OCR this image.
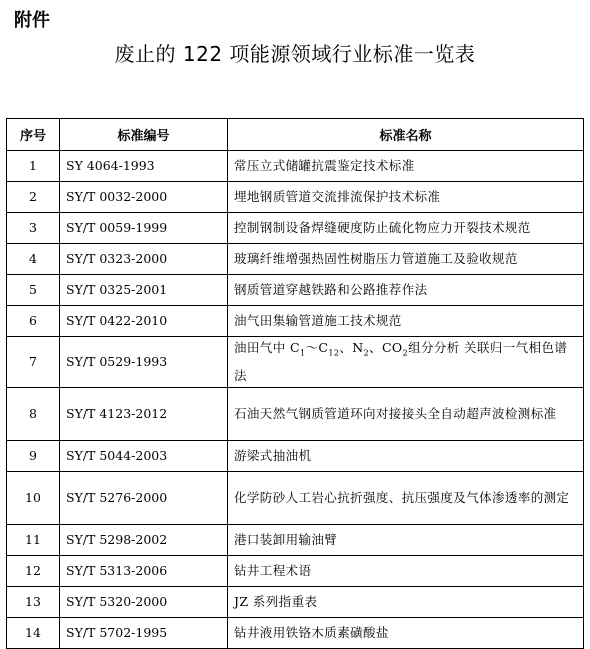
附件
废止的 122 项能源领域行业标准一览表
序号	标准编号	标准名称
1	SY 4064-1993	常压立式储罐抗震鉴定技术标准
2	SY/T 0032-2000	埋地钢质管道交流排流保护技术标准
3	SY/T 0059-1999	控制钢制设备焊缝硬度防止硫化物应力开裂技术规范
4	SY/T 0323-2000	玻璃纤维增强热固性树脂压力管道施工及验收规范
5	SY/T 0325-2001	钢质管道穿越铁路和公路推荐作法
6	SY/T 0422-2010	油气田集输管道施工技术规范
7	SY/T 0529-1993	油田气中 $C_1\sim C_{12}$、$N_2$、$CO_2$组分分析 关联归一气相色谱法
8	SY/T 4123-2012	石油天然气钢质管道环向对接接头全自动超声波检测标准
9	SY/T 5044-2003	游梁式抽油机
10	SY/T 5276-2000	化学防砂人工岩心抗折强度、抗压强度及气体渗透率的测定
11	SY/T 5298-2002	港口装卸用输油臂
12	SY/T 5313-2006	钻井工程术语
13	SY/T 5320-2000	JZ 系列指重表
14	SY/T 5702-1995	钻井液用铁铬木质素磺酸盐
